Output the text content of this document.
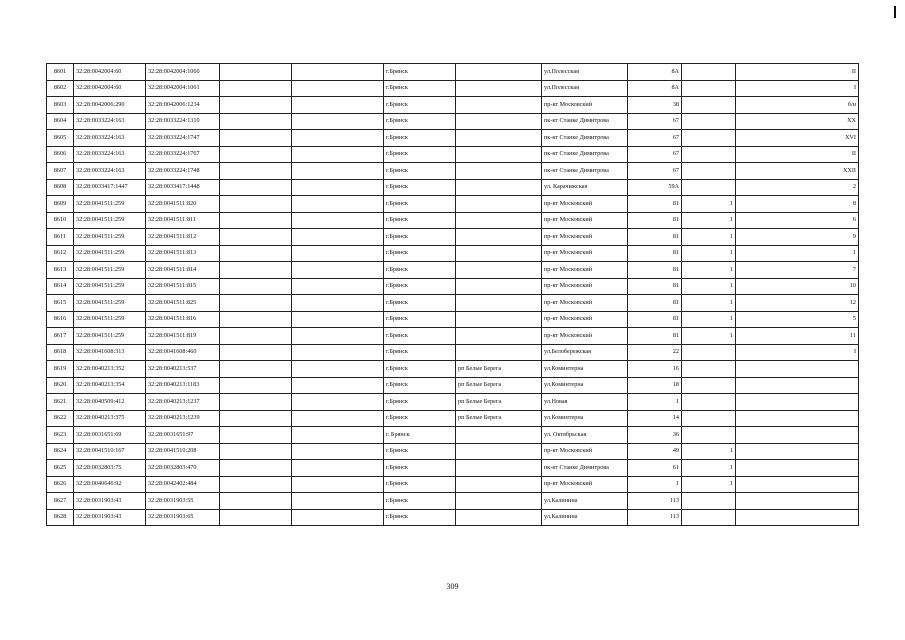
8601	32:28:0042004:60	32:28:0042004:1060			г.Брянск		ул.Полесская	8А		II
8602	32:28:0042004:60	32:28:0042004:1061			г.Брянск		ул.Полесская	8А		I
8603	32:28:0042006:290	32:28:0042006:1234			г.Брянск		пр-кт Московский	38		б/н
8604	32:28:0033224:163	32:28:0033224:1310			г.Брянск		пк-кт Станке Димитрова	67		XX
8605	32:28:0033224:163	32:28:0033224:1747			г.Брянск		пк-кт Станке Димитрова	67		XVI
8606	32:28:0033224:163	32:28:0033224:1767			г.Брянск		пк-кт Станке Димитрова	67		II
8607	32:28:0033224:163	32:28:0033224:1748			г.Брянск		пк-кт Станке Димитрова	67		XXII
8608	32:28:0033417:1447	32:28:0033417:1448			г.Брянск		ул. Карачижская	59А		2
8609	32:28:0041511:259	32:28:0041511:820			г.Брянск		пр-кт Московский	81	1	8
8610	32:28:0041511:259	32:28:0041511:811			г.Брянск		пр-кт Московский	81	1	6
8611	32:28:0041511:259	32:28:0041511:812			г.Брянск		пр-кт Московский	81	1	9
8612	32:28:0041511:259	32:28:0041511:813			г.Брянск		пр-кт Московский	81	1	1
8613	32:28:0041511:259	32:28:0041511:814			г.Брянск		пр-кт Московский	81	1	7
8614	32:28:0041511:259	32:28:0041511:815			г.Брянск		пр-кт Московский	81	1	10
8615	32:28:0041511:259	32:28:0041511:825			г.Брянск		пр-кт Московский	81	1	12
8616	32:28:0041511:259	32:28:0041511:816			г.Брянск		пр-кт Московский	81	1	5
8617	32:28:0041511:259	32:28:0041511:819			г.Брянск		пр-кт Московский	81	1	11
8618	32:28:0041608:313	32:28:0041608:460			г.Брянск		ул.Белобережская	22		I
8619	32:28:0040213:352	32:28:0040213:537			г.Брянск	рп Белые Берега	ул.Коминтерна	16		
8620	32:28:0040213:354	32:28:0040213:1183			г.Брянск	рп Белые Берега	ул.Коминтерна	18		
8621	32:28:0040509:412	32:28:0040213:1237			г.Брянск	рп Белые Берега	ул.Новая	1		
8622	32:28:0040213:375	32:28:0040213:1239			г.Брянск	рп Белые Берега	ул.Коминтерна	14		
8623	32:28:0031651:69	32:28:0031651:97			г. Брянск		ул. Октябрьская	36		
8624	32:28:0041510:167	32:28:0041510:208			г.Брянск		пр-кт Московский	49	1	
8625	32:28:0032803:75	32:28:0032803:470			г.Брянск		пк-кт Станке Димитрова	61	1	
8626	32:28:0040646:92	32:28:0042402:484			г.Брянск		пр-кт Московский	1	1	
8627	32:28:0031903:43	32:28:0031903:55			г.Брянск		ул.Калинина	113		
8628	32:28:0031903:43	32:28:0031903:65			г.Брянск		ул.Калинина	113		
309
